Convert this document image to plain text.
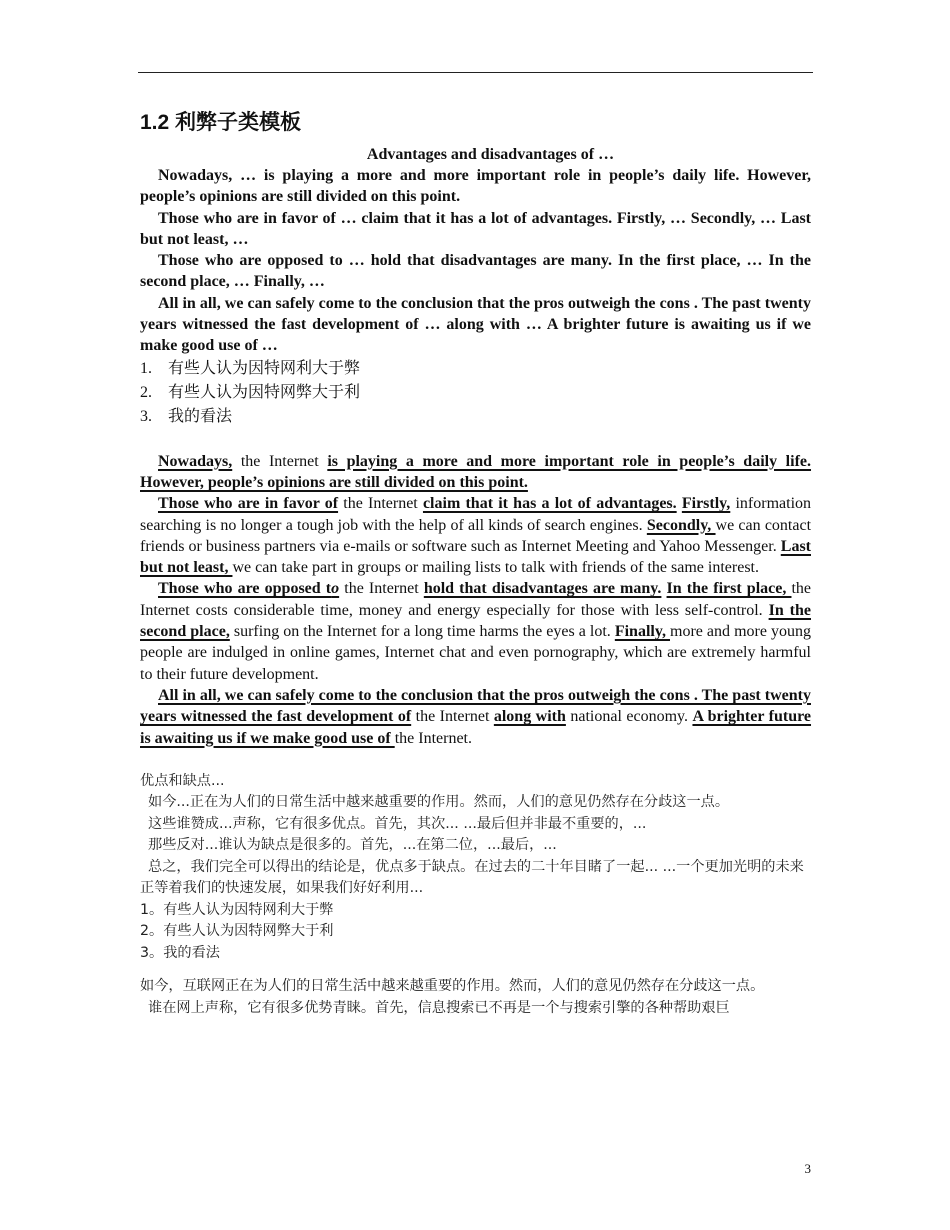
1.2 利弊子类模板
Advantages and disadvantages of …

Nowadays, … is playing a more and more important role in people’s daily life. However, people’s opinions are still divided on this point.

Those who are in favor of … claim that it has a lot of advantages. Firstly, … Secondly, … Last but not least, …

Those who are opposed to … hold that disadvantages are many. In the first place, … In the second place, … Finally, …

All in all, we can safely come to the conclusion that the pros outweigh the cons . The past twenty years witnessed the fast development of … along with … A brighter future is awaiting us if we make good use of …

1. 有些人认为因特网利大于弊
2. 有些人认为因特网弊大于利
3. 我的看法

Nowadays, the Internet is playing a more and more important role in people’s daily life. However, people’s opinions are still divided on this point.

Those who are in favor of the Internet claim that it has a lot of advantages. Firstly, information searching is no longer a tough job with the help of all kinds of search engines. Secondly, we can contact friends or business partners via e-mails or software such as Internet Meeting and Yahoo Messenger. Last but not least, we can take part in groups or mailing lists to talk with friends of the same interest.

Those who are opposed to the Internet hold that disadvantages are many. In the first place, the Internet costs considerable time, money and energy especially for those with less self-control. In the second place, surfing on the Internet for a long time harms the eyes a lot. Finally, more and more young people are indulged in online games, Internet chat and even pornography, which are extremely harmful to their future development.

All in all, we can safely come to the conclusion that the pros outweigh the cons . The past twenty years witnessed the fast development of the Internet along with national economy. A brighter future is awaiting us if we make good use of the Internet.

优点和缺点...

如今...正在为人们的日常生活中越来越重要的作用。然而，人们的意见仍然存在分歧这一点。

这些谁赞成...声称，它有很多优点。首先，其次... ...最后但并非最不重要的，...

那些反对...谁认为缺点是很多的。首先，...在第二位，...最后，...

总之，我们完全可以得出的结论是，优点多于缺点。在过去的二十年目睹了一起... ...一个更加光明的未来正等着我们的快速发展，如果我们好好利用...

1。有些人认为因特网利大于弊

2。有些人认为因特网弊大于利

3。我的看法

如今，互联网正在为人们的日常生活中越来越重要的作用。然而，人们的意见仍然存在分歧这一点。

谁在网上声称，它有很多优势青睐。首先，信息搜索已不再是一个与搜索引擎的各种帮助艰巨

3
